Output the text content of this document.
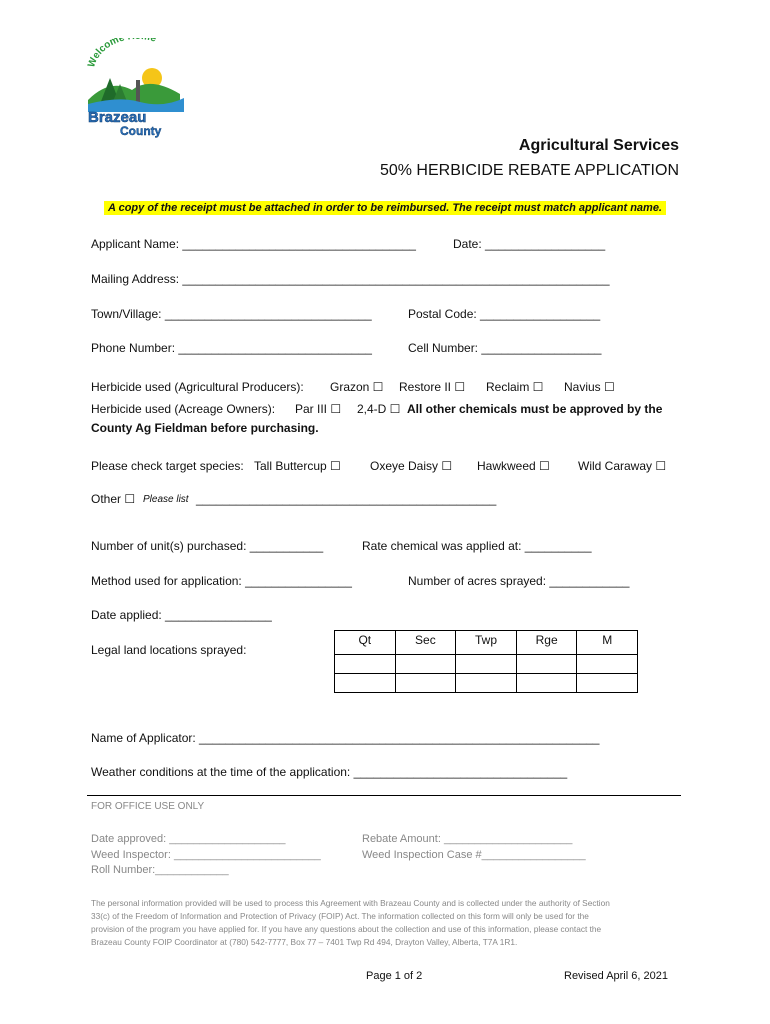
Welcome e
Brazeau
County
Agricultural Services
50% HERBICIDE REBATE APPLICATION
A copy of the receipt must be attached in order to be reimbursed. The receipt must match applicant name.
Applicant Name: ___________________________________	Date: __________________
Mailing Address: ________________________________________________________________
Town/Village: _______________________________	Postal Code: __________________
Phone Number: _____________________________	Cell Number: __________________
Herbicide used (Agricultural Producers): Grazon ☐ Restore II ☐ Reclaim ☐ Navius ☐
Herbicide used (Acreage Owners): Par III ☐ 2,4-D ☐ All other chemicals must be approved by the
County Ag Fieldman before purchasing.
Please check target species: Tall Buttercup ☐ Oxeye Daisy ☐ Hawkweed ☐ Wild Caraway ☐
Other ☐ Please list _____________________________________________
Number of unit(s) purchased: ___________	Rate chemical was applied at: __________
Method used for application: ________________	Number of acres sprayed: ____________
Date applied: ________________
Legal land locations sprayed:
Qt	Sec	Twp	Rge	M

Name of Applicator: ____________________________________________________________
Weather conditions at the time of the application: ________________________________
FOR OFFICE USE ONLY
Date approved: ___________________	Rebate Amount: _____________________
Weed Inspector: ________________________	Weed Inspection Case #_________________
Roll Number:____________
The personal information provided will be used to process this Agreement with Brazeau County and is collected under the authority of Section
33(c) of the Freedom of Information and Protection of Privacy (FOIP) Act. The information collected on this form will only be used for the
provision of the program you have applied for. If you have any questions about the collection and use of this information, please contact the
Brazeau County FOIP Coordinator at (780) 542-7777, Box 77 – 7401 Twp Rd 494, Drayton Valley, Alberta, T7A 1R1.
Page 1 of 2	Revised April 6, 2021
